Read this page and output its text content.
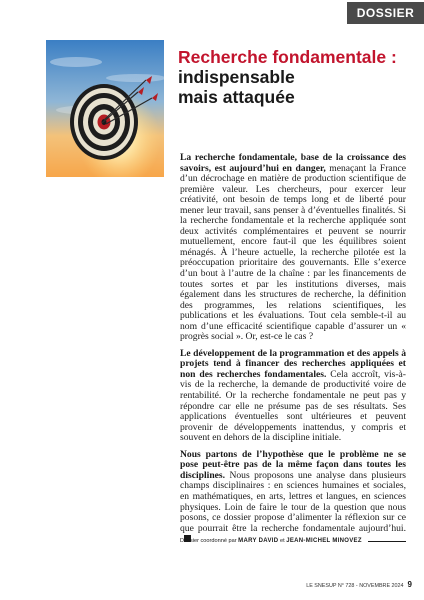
DOSSIER
Recherche fondamentale :
indispensable
mais attaquée

La recherche fondamentale, base de la croissance des savoirs, est aujourd’hui en danger, menaçant la France d’un décrochage en matière de production scientifique de première valeur. Les chercheurs, pour exercer leur créativité, ont besoin de temps long et de liberté pour mener leur travail, sans penser à d’éventuelles finalités. Si la recherche fondamentale et la recherche appliquée sont deux activités complémentaires et peuvent se nourrir mutuellement, encore faut-il que les équilibres soient ménagés. À l’heure actuelle, la recherche pilotée est la préoccupation prioritaire des gouvernants. Elle s’exerce d’un bout à l’autre de la chaîne : par les financements de toutes sortes et par les institutions diverses, mais également dans les structures de recherche, la définition des programmes, les relations scientifiques, les publications et les évaluations. Tout cela semble-t-il au nom d’une efficacité scientifique capable d’assurer un « progrès social ». Or, est-ce le cas ?

Le développement de la programmation et des appels à projets tend à financer des recherches appliquées et non des recherches fondamentales. Cela accroît, vis-à-vis de la recherche, la demande de productivité voire de rentabilité. Or la recherche fondamentale ne peut pas y répondre car elle ne présume pas de ses résultats. Ses applications éventuelles sont ultérieures et peuvent provenir de développements inattendus, y compris et souvent en dehors de la discipline initiale.

Nous partons de l’hypothèse que le problème ne se pose peut-être pas de la même façon dans toutes les disciplines. Nous proposons une analyse dans plusieurs champs disciplinaires : en sciences humaines et sociales, en mathématiques, en arts, lettres et langues, en sciences physiques. Loin de faire le tour de la question que nous posons, ce dossier propose d’alimenter la réflexion sur ce que pourrait être la recherche fondamentale aujourd’hui.

Dossier coordonné par MARY DAVID et JEAN-MICHEL MINOVEZ
LE SNESUP N° 728 - NOVEMBRE 2024 9
